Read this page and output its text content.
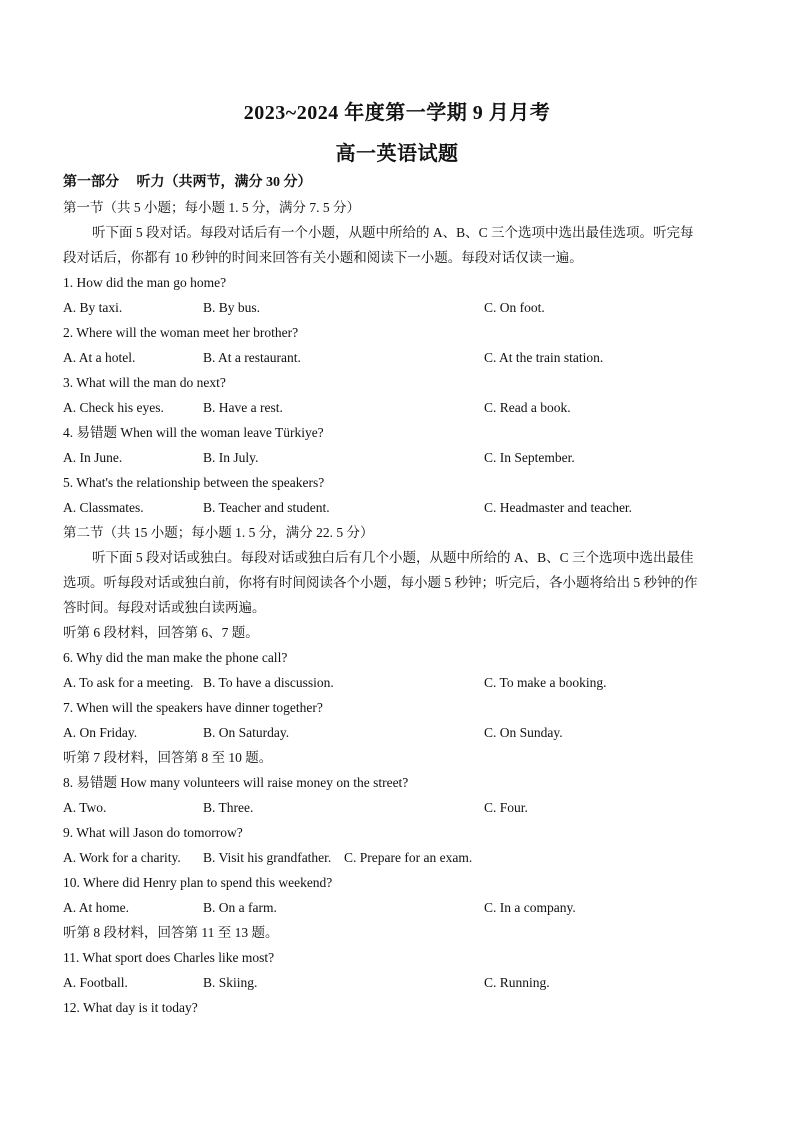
2023~2024 年度第一学期 9 月月考
高一英语试题
第一部分　 听力（共两节，满分 30 分）
第一节（共 5 小题；每小题 1. 5 分，满分 7. 5 分）
听下面 5 段对话。每段对话后有一个小题，从题中所给的 A、B、C 三个选项中选出最佳选项。听完每
段对话后，你都有 10 秒钟的时间来回答有关小题和阅读下一小题。每段对话仅读一遍。
1. How did the man go home?
A. By taxi.	B. By bus.	C. On foot.
2. Where will the woman meet her brother?
A. At a hotel.	B. At a restaurant.	C. At the train station.
3. What will the man do next?
A. Check his eyes.	B. Have a rest.	C. Read a book.
4. 易错题 When will the woman leave Türkiye?
A. In June.	B. In July.	C. In September.
5. What's the relationship between the speakers?
A. Classmates.	B. Teacher and student.	C. Headmaster and teacher.
第二节（共 15 小题；每小题 1. 5 分，满分 22. 5 分）
听下面 5 段对话或独白。每段对话或独白后有几个小题，从题中所给的 A、B、C 三个选项中选出最佳
选项。听每段对话或独白前，你将有时间阅读各个小题，每小题 5 秒钟；听完后，各小题将给出 5 秒钟的作
答时间。每段对话或独白读两遍。
听第 6 段材料，回答第 6、7 题。
6. Why did the man make the phone call?
A. To ask for a meeting. B. To have a discussion.	C. To make a booking.
7. When will the speakers have dinner together?
A. On Friday.	B. On Saturday.	C. On Sunday.
听第 7 段材料，回答第 8 至 10 题。
8. 易错题 How many volunteers will raise money on the street?
A. Two.	B. Three.	C. Four.
9. What will Jason do tomorrow?
A. Work for a charity. B. Visit his grandfather. C. Prepare for an exam.
10. Where did Henry plan to spend this weekend?
A. At home.	B. On a farm.	C. In a company.
听第 8 段材料，回答第 11 至 13 题。
11. What sport does Charles like most?
A. Football.	B. Skiing.	C. Running.
12. What day is it today?
